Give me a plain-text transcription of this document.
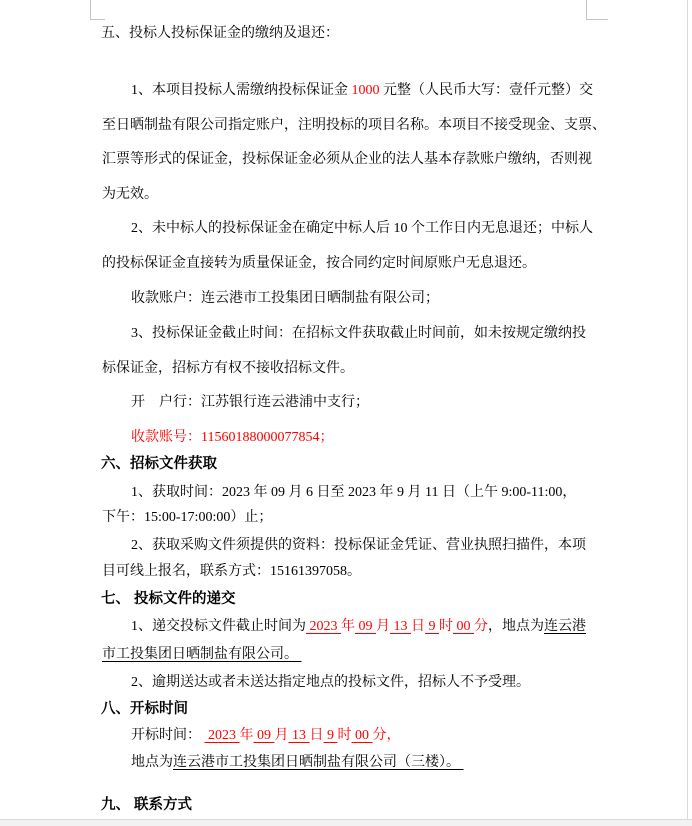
五、投标人投标保证金的缴纳及退还：
1、本项目投标人需缴纳投标保证金 1000 元整（人民币大写：壹仟元整）交
至日晒制盐有限公司指定账户，注明投标的项目名称。本项目不接受现金、支票、
汇票等形式的保证金，投标保证金必须从企业的法人基本存款账户缴纳，否则视
为无效。
2、未中标人的投标保证金在确定中标人后 10 个工作日内无息退还；中标人
的投标保证金直接转为质量保证金，按合同约定时间原账户无息退还。
收款账户：连云港市工投集团日晒制盐有限公司；
3、投标保证金截止时间：在招标文件获取截止时间前，如未按规定缴纳投
标保证金，招标方有权不接收招标文件。
开　户行：江苏银行连云港浦中支行；
收款账号：11560188000077854；
六、招标文件获取
1、获取时间：2023 年 09 月 6 日至 2023 年 9 月 11 日（上午 9:00-11:00，
下午：15:00-17:00:00）止；
2、获取采购文件须提供的资料：投标保证金凭证、营业执照扫描件，本项
目可线上报名，联系方式：15161397058。
七、 投标文件的递交
1、递交投标文件截止时间为 2023 年 09 月 13 日 9 时 00 分，地点为连云港
市工投集团日晒制盐有限公司。
2、逾期送达或者未送达指定地点的投标文件，招标人不予受理。
八、开标时间
开标时间：  2023 年 09 月 13 日 9 时 00 分，
地点为连云港市工投集团日晒制盐有限公司（三楼）。
九、 联系方式
